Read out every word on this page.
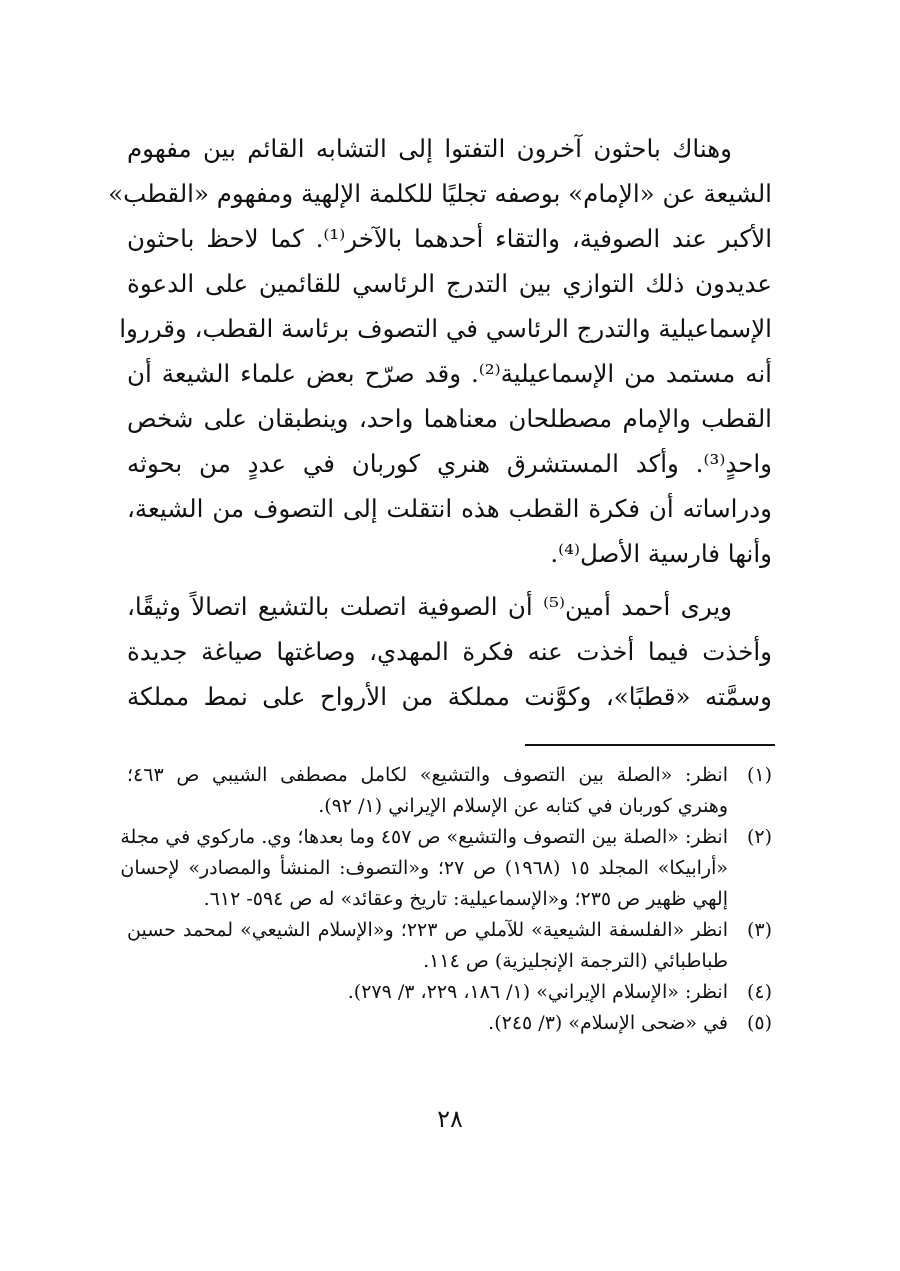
وهناك باحثون آخرون التفتوا إلى التشابه القائم بين مفهوم
الشيعة عن «الإمام» بوصفه تجليًا للكلمة الإلهية ومفهوم «القطب»
الأكبر عند الصوفية، والتقاء أحدهما بالآخر⁽¹⁾. كما لاحظ باحثون
عديدون ذلك التوازي بين التدرج الرئاسي للقائمين على الدعوة
الإسماعيلية والتدرج الرئاسي في التصوف برئاسة القطب، وقرروا
أنه مستمد من الإسماعيلية⁽²⁾. وقد صرّح بعض علماء الشيعة أن
القطب والإمام مصطلحان معناهما واحد، وينطبقان على شخص
واحدٍ⁽³⁾. وأكد المستشرق هنري كوربان في عددٍ من بحوثه
ودراساته أن فكرة القطب هذه انتقلت إلى التصوف من الشيعة،
وأنها فارسية الأصل⁽⁴⁾.
ويرى أحمد أمين⁽⁵⁾ أن الصوفية اتصلت بالتشيع اتصالاً وثيقًا،
وأخذت فيما أخذت عنه فكرة المهدي، وصاغتها صياغة جديدة
وسمَّته «قطبًا»، وكوَّنت مملكة من الأرواح على نمط مملكة
(١)
انظر: «الصلة بين التصوف والتشيع» لكامل مصطفى الشيبي ص ٤٦٣؛
وهنري كوربان في كتابه عن الإسلام الإيراني (١/ ٩٢).
(٢)
انظر: «الصلة بين التصوف والتشيع» ص ٤٥٧ وما بعدها؛ وي. ماركوي في مجلة
«أرابيكا» المجلد ١٥ (١٩٦٨) ص ٢٧؛ و«التصوف: المنشأ والمصادر» لإحسان
إلهي ظهير ص ٢٣٥؛ و«الإسماعيلية: تاريخ وعقائد» له ص ٥٩٤- ٦١٢.
(٣)
انظر «الفلسفة الشيعية» للآملي ص ٢٢٣؛ و«الإسلام الشيعي» لمحمد حسين
طباطبائي (الترجمة الإنجليزية) ص ١١٤.
(٤)
انظر: «الإسلام الإيراني» (١/ ١٨٦، ٢٢٩، ٣/ ٢٧٩).
(٥)
في «ضحى الإسلام» (٣/ ٢٤٥).
٢٨
